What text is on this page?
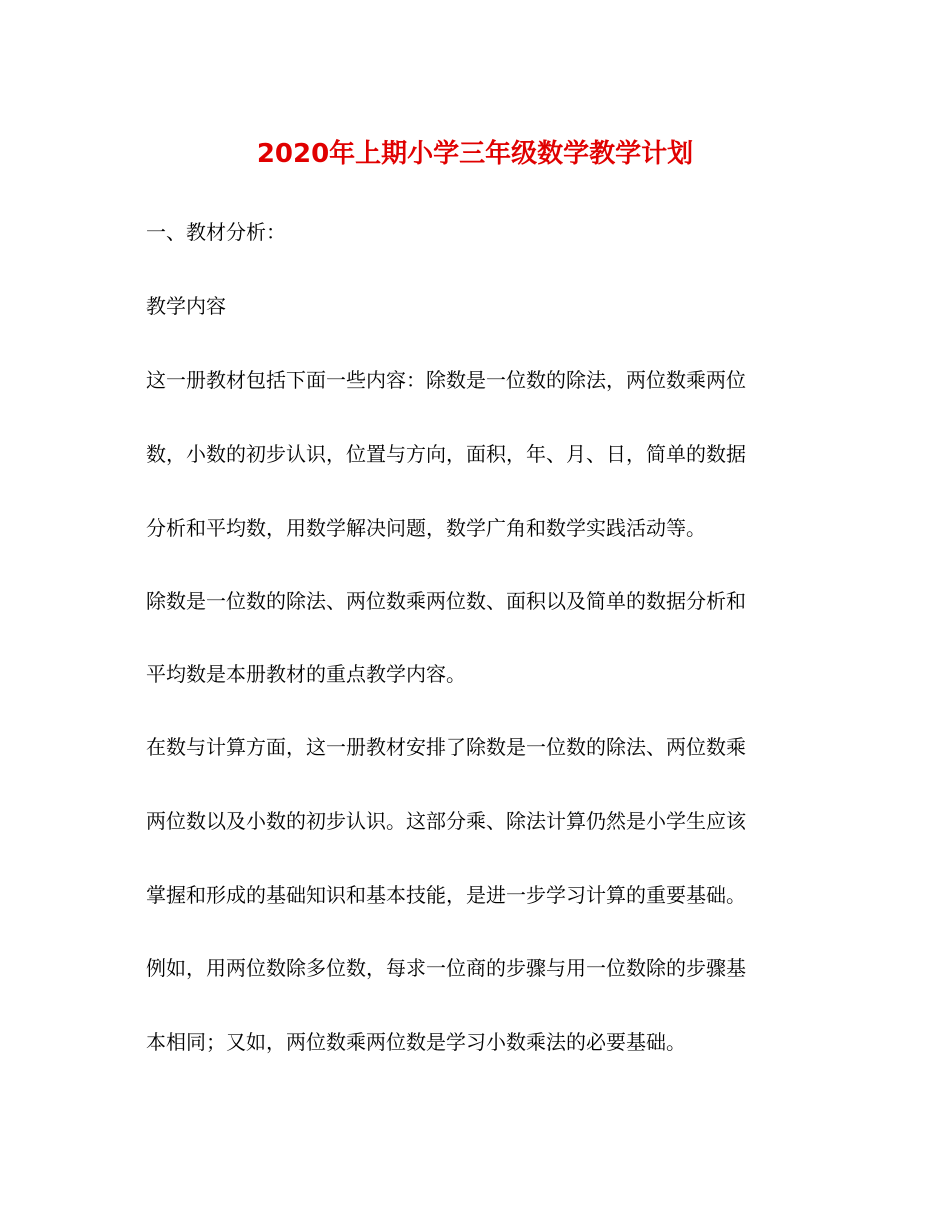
2020年上期小学三年级数学教学计划
一、教材分析：
教学内容
这一册教材包括下面一些内容：除数是一位数的除法，两位数乘两位
数，小数的初步认识，位置与方向，面积，年、月、日，简单的数据
分析和平均数，用数学解决问题，数学广角和数学实践活动等。
除数是一位数的除法、两位数乘两位数、面积以及简单的数据分析和
平均数是本册教材的重点教学内容。
在数与计算方面，这一册教材安排了除数是一位数的除法、两位数乘
两位数以及小数的初步认识。这部分乘、除法计算仍然是小学生应该
掌握和形成的基础知识和基本技能，是进一步学习计算的重要基础。
例如，用两位数除多位数，每求一位商的步骤与用一位数除的步骤基
本相同；又如，两位数乘两位数是学习小数乘法的必要基础。
